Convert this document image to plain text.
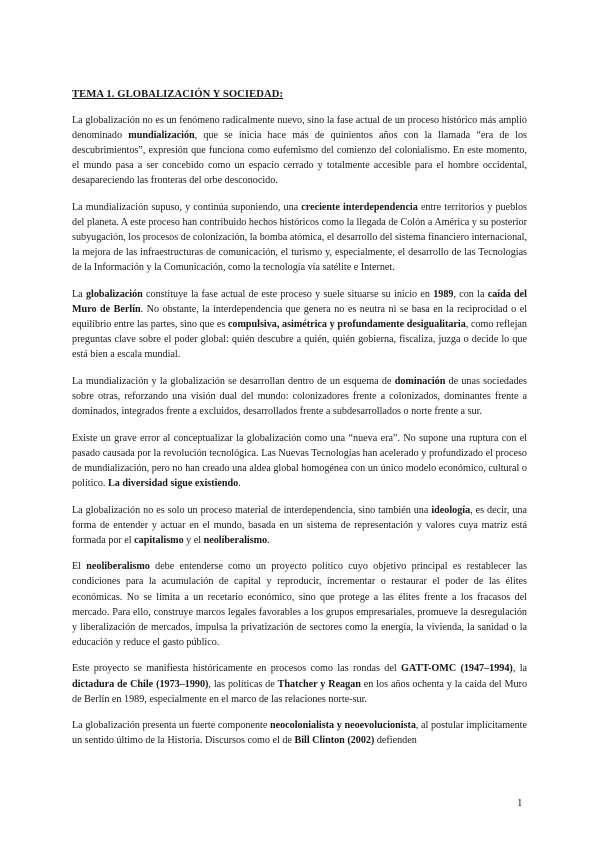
TEMA 1. GLOBALIZACIÓN Y SOCIEDAD:

La globalización no es un fenómeno radicalmente nuevo, sino la fase actual de un proceso histórico más amplio denominado mundialización, que se inicia hace más de quinientos años con la llamada “era de los descubrimientos”, expresión que funciona como eufemismo del comienzo del colonialismo. En este momento, el mundo pasa a ser concebido como un espacio cerrado y totalmente accesible para el hombre occidental, desapareciendo las fronteras del orbe desconocido.

La mundialización supuso, y continúa suponiendo, una creciente interdependencia entre territorios y pueblos del planeta. A este proceso han contribuido hechos históricos como la llegada de Colón a América y su posterior subyugación, los procesos de colonización, la bomba atómica, el desarrollo del sistema financiero internacional, la mejora de las infraestructuras de comunicación, el turismo y, especialmente, el desarrollo de las Tecnologías de la Información y la Comunicación, como la tecnología vía satélite e Internet.

La globalización constituye la fase actual de este proceso y suele situarse su inicio en 1989, con la caída del Muro de Berlín. No obstante, la interdependencia que genera no es neutra ni se basa en la reciprocidad o el equilibrio entre las partes, sino que es compulsiva, asimétrica y profundamente desigualitaria, como reflejan preguntas clave sobre el poder global: quién descubre a quién, quién gobierna, fiscaliza, juzga o decide lo que está bien a escala mundial.

La mundialización y la globalización se desarrollan dentro de un esquema de dominación de unas sociedades sobre otras, reforzando una visión dual del mundo: colonizadores frente a colonizados, dominantes frente a dominados, integrados frente a excluidos, desarrollados frente a subdesarrollados o norte frente a sur.

Existe un grave error al conceptualizar la globalización como una “nueva era”. No supone una ruptura con el pasado causada por la revolución tecnológica. Las Nuevas Tecnologías han acelerado y profundizado el proceso de mundialización, pero no han creado una aldea global homogénea con un único modelo económico, cultural o político. La diversidad sigue existiendo.

La globalización no es solo un proceso material de interdependencia, sino también una ideología, es decir, una forma de entender y actuar en el mundo, basada en un sistema de representación y valores cuya matriz está formada por el capitalismo y el neoliberalismo.

El neoliberalismo debe entenderse como un proyecto político cuyo objetivo principal es restablecer las condiciones para la acumulación de capital y reproducir, incrementar o restaurar el poder de las élites económicas. No se limita a un recetario económico, sino que protege a las élites frente a los fracasos del mercado. Para ello, construye marcos legales favorables a los grupos empresariales, promueve la desregulación y liberalización de mercados, impulsa la privatización de sectores como la energía, la vivienda, la sanidad o la educación y reduce el gasto público.

Este proyecto se manifiesta históricamente en procesos como las rondas del GATT-OMC (1947–1994), la dictadura de Chile (1973–1990), las políticas de Thatcher y Reagan en los años ochenta y la caída del Muro de Berlín en 1989, especialmente en el marco de las relaciones norte-sur.

La globalización presenta un fuerte componente neocolonialista y neoevolucionista, al postular implícitamente un sentido último de la Historia. Discursos como el de Bill Clinton (2002) defienden

1
